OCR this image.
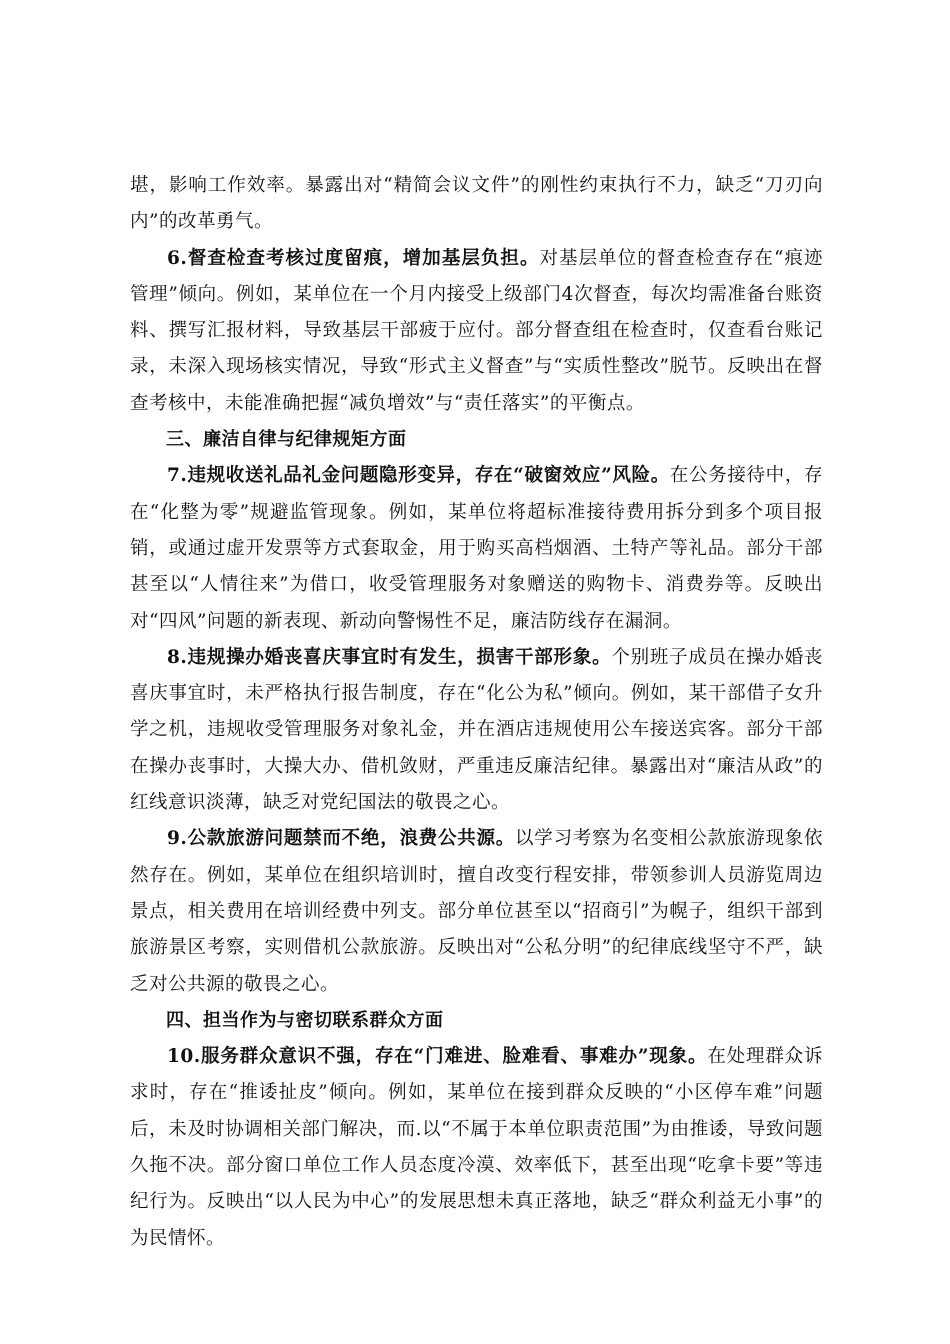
堪，影响工作效率。暴露出对“精简会议文件”的刚性约束执行不力，缺乏“刀刃向内”的改革勇气。

6.督查检查考核过度留痕，增加基层负担。对基层单位的督查检查存在“痕迹管理”倾向。例如，某单位在一个月内接受上级部门4次督查，每次均需准备台账资料、撰写汇报材料，导致基层干部疲于应付。部分督查组在检查时，仅查看台账记录，未深入现场核实情况，导致“形式主义督查”与“实质性整改”脱节。反映出在督查考核中，未能准确把握“减负增效”与“责任落实”的平衡点。

三、廉洁自律与纪律规矩方面

7.违规收送礼品礼金问题隐形变异，存在“破窗效应”风险。在公务接待中，存在“化整为零”规避监管现象。例如，某单位将超标准接待费用拆分到多个项目报销，或通过虚开发票等方式套取金，用于购买高档烟酒、土特产等礼品。部分干部甚至以“人情往来”为借口，收受管理服务对象赠送的购物卡、消费券等。反映出对“四风”问题的新表现、新动向警惕性不足，廉洁防线存在漏洞。

8.违规操办婚丧喜庆事宜时有发生，损害干部形象。个别班子成员在操办婚丧喜庆事宜时，未严格执行报告制度，存在“化公为私”倾向。例如，某干部借子女升学之机，违规收受管理服务对象礼金，并在酒店违规使用公车接送宾客。部分干部在操办丧事时，大操大办、借机敛财，严重违反廉洁纪律。暴露出对“廉洁从政”的红线意识淡薄，缺乏对党纪国法的敬畏之心。

9.公款旅游问题禁而不绝，浪费公共源。以学习考察为名变相公款旅游现象依然存在。例如，某单位在组织培训时，擅自改变行程安排，带领参训人员游览周边景点，相关费用在培训经费中列支。部分单位甚至以“招商引”为幌子，组织干部到旅游景区考察，实则借机公款旅游。反映出对“公私分明”的纪律底线坚守不严，缺乏对公共源的敬畏之心。

四、担当作为与密切联系群众方面

10.服务群众意识不强，存在“门难进、脸难看、事难办”现象。在处理群众诉求时，存在“推诿扯皮”倾向。例如，某单位在接到群众反映的“小区停车难”问题后，未及时协调相关部门解决，而.以“不属于本单位职责范围”为由推诿，导致问题久拖不决。部分窗口单位工作人员态度冷漠、效率低下，甚至出现“吃拿卡要”等违纪行为。反映出“以人民为中心”的发展思想未真正落地，缺乏“群众利益无小事”的为民情怀。
